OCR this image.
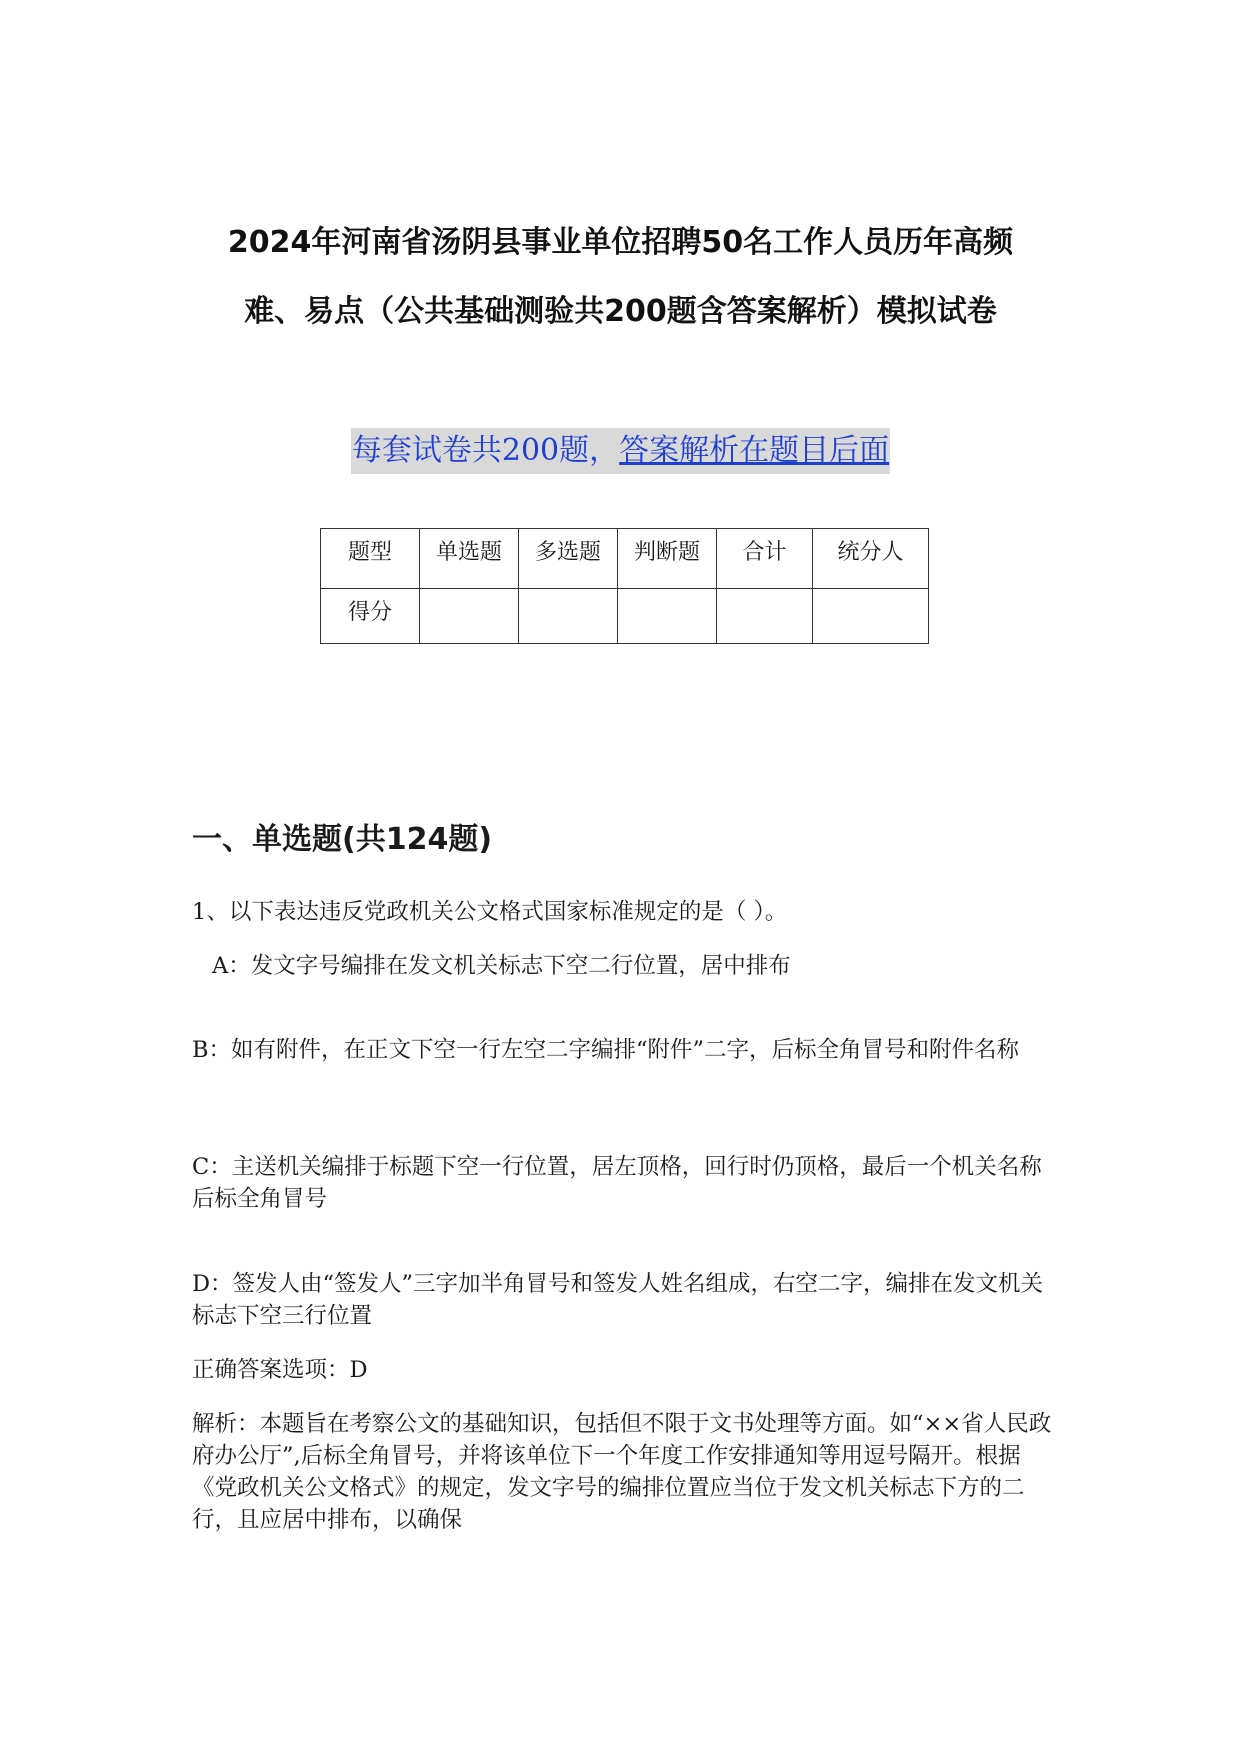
2024年河南省汤阴县事业单位招聘50名工作人员历年高频
难、易点（公共基础测验共200题含答案解析）模拟试卷
每套试卷共200题，答案解析在题目后面
题型	单选题	多选题	判断题	合计	统分人
得分					
一、单选题(共124题)
1、以下表达违反党政机关公文格式国家标准规定的是（ ）。
A：发文字号编排在发文机关标志下空二行位置，居中排布
B：如有附件，在正文下空一行左空二字编排“附件”二字，后标全角冒号和附件名称
C：主送机关编排于标题下空一行位置，居左顶格，回行时仍顶格，最后一个机关名称后标全角冒号
D：签发人由“签发人”三字加半角冒号和签发人姓名组成，右空二字，编排在发文机关标志下空三行位置
正确答案选项：D
解析：本题旨在考察公文的基础知识，包括但不限于文书处理等方面。如“××省人民政府办公厅”,后标全角冒号，并将该单位下一个年度工作安排通知等用逗号隔开。根据《党政机关公文格式》的规定，发文字号的编排位置应当位于发文机关标志下方的二行，且应居中排布，以确保
